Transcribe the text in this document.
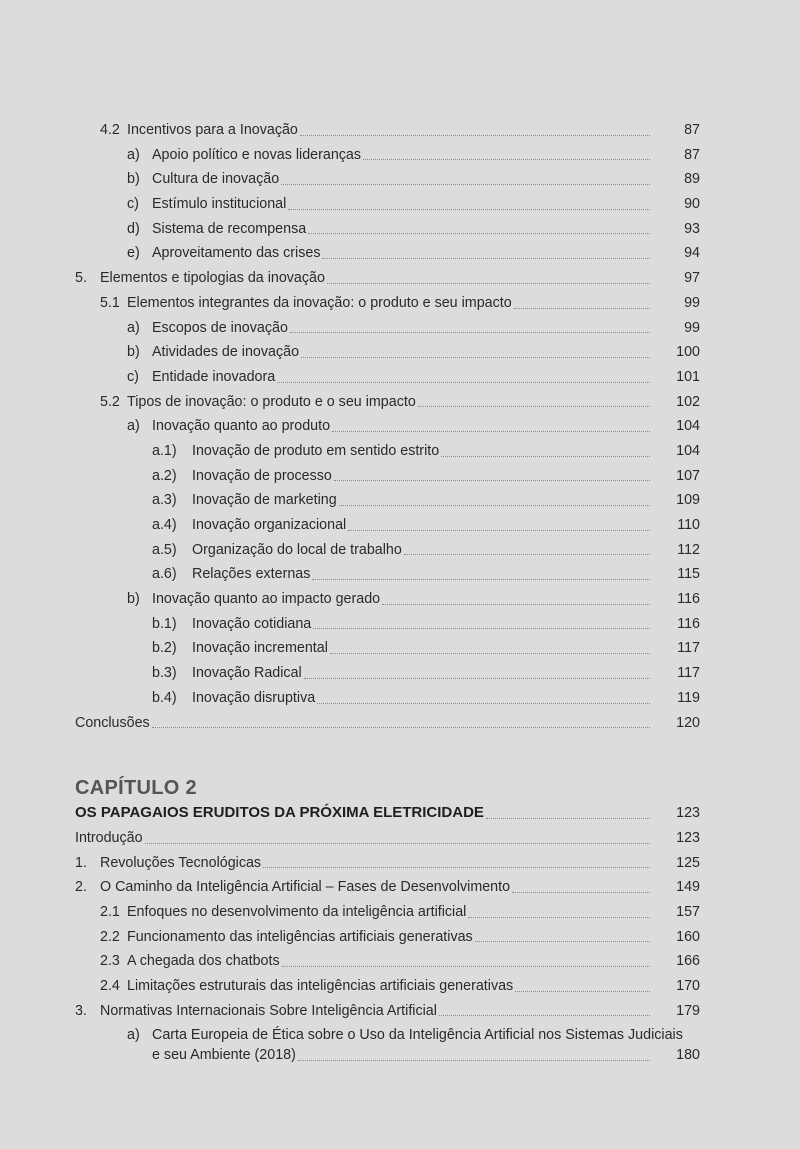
4.2 Incentivos para a Inovação	87
a) Apoio político e novas lideranças	87
b) Cultura de inovação	89
c) Estímulo institucional	90
d) Sistema de recompensa	93
e) Aproveitamento das crises	94
5. Elementos e tipologias da inovação	97
5.1 Elementos integrantes da inovação: o produto e seu impacto	99
a) Escopos de inovação	99
b) Atividades de inovação	100
c) Entidade inovadora	101
5.2 Tipos de inovação: o produto e o seu impacto	102
a) Inovação quanto ao produto	104
a.1) Inovação de produto em sentido estrito	104
a.2) Inovação de processo	107
a.3) Inovação de marketing	109
a.4) Inovação organizacional	110
a.5) Organização do local de trabalho	112
a.6) Relações externas	115
b) Inovação quanto ao impacto gerado	116
b.1) Inovação cotidiana	116
b.2) Inovação incremental	117
b.3) Inovação Radical	117
b.4) Inovação disruptiva	119
Conclusões	120
CAPÍTULO 2
OS PAPAGAIOS ERUDITOS DA PRÓXIMA ELETRICIDADE	123
Introdução	123
1. Revoluções Tecnológicas	125
2. O Caminho da Inteligência Artificial – Fases de Desenvolvimento	149
2.1 Enfoques no desenvolvimento da inteligência artificial	157
2.2 Funcionamento das inteligências artificiais generativas	160
2.3 A chegada dos chatbots	166
2.4 Limitações estruturais das inteligências artificiais generativas	170
3. Normativas Internacionais Sobre Inteligência Artificial	179
a) Carta Europeia de Ética sobre o Uso da Inteligência Artificial nos Sistemas Judiciais
e seu Ambiente (2018)	180
